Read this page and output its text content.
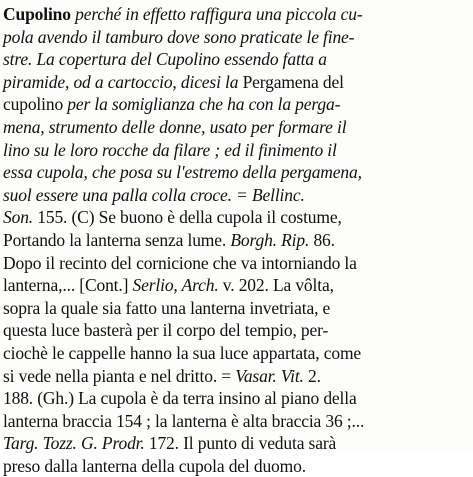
Cupolino perché in effetto raffigura una piccola cu-
pola avendo il tamburo dove sono praticate le fine-
stre. La copertura del Cupolino essendo fatta a
piramide, od a cartoccio, dicesi la Pergamena del
cupolino per la somiglianza che ha con la perga-
mena, strumento delle donne, usato per formare il
lino su le loro rocche da filare ; ed il finimento il
essa cupola, che posa su l'estremo della pergamena,
suol essere una palla colla croce. = Bellinc.
Son. 155. (C) Se buono è della cupola il costume,
Portando la lanterna senza lume. Borgh. Rip. 86.
Dopo il recinto del cornicione che va intorniando la
lanterna,... [Cont.] Serlio, Arch. v. 202. La vôlta,
sopra la quale sia fatto una lanterna invetriata, e
questa luce basterà per il corpo del tempio, per-
ciochè le cappelle hanno la sua luce appartata, come
si vede nella pianta e nel dritto. = Vasar. Vit. 2.
188. (Gh.) La cupola è da terra insino al piano della
lanterna braccia 154 ; la lanterna è alta braccia 36 ;...
Targ. Tozz. G. Prodr. 172. Il punto di veduta sarà
preso dalla lanterna della cupola del duomo.
